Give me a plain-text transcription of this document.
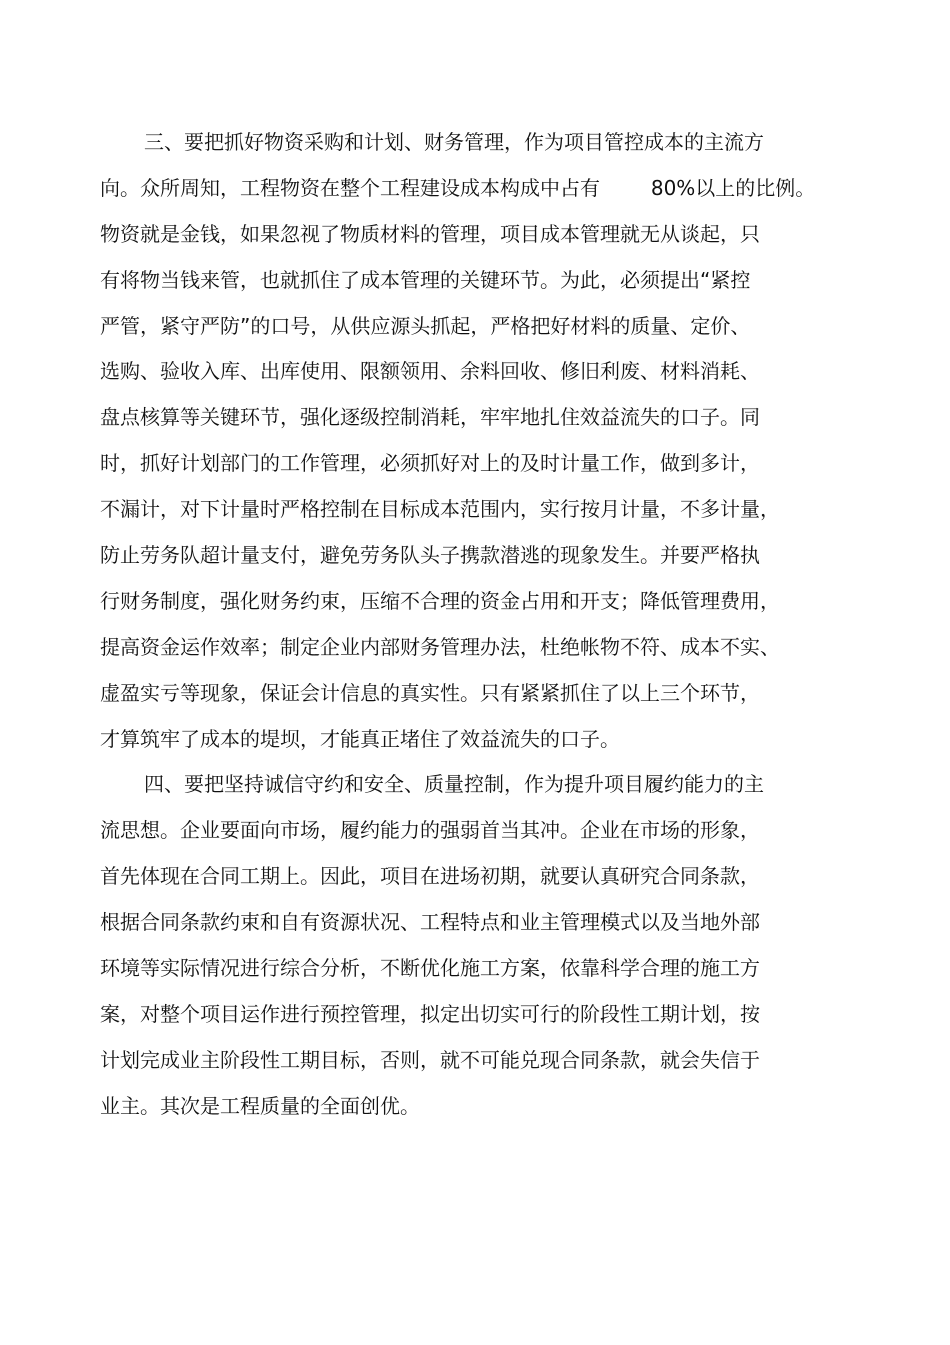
三、要把抓好物资采购和计划、财务管理，作为项目管控成本的主流方
向。众所周知，工程物资在整个工程建设成本构成中占有        80%以上的比例。
物资就是金钱，如果忽视了物质材料的管理，项目成本管理就无从谈起，只
有将物当钱来管，也就抓住了成本管理的关键环节。为此，必须提出“紧控
严管，紧守严防”的口号，从供应源头抓起，严格把好材料的质量、定价、
选购、验收入库、出库使用、限额领用、余料回收、修旧利废、材料消耗、
盘点核算等关键环节，强化逐级控制消耗，牢牢地扎住效益流失的口子。同
时，抓好计划部门的工作管理，必须抓好对上的及时计量工作，做到多计，
不漏计，对下计量时严格控制在目标成本范围内，实行按月计量，不多计量，
防止劳务队超计量支付，避免劳务队头子携款潜逃的现象发生。并要严格执
行财务制度，强化财务约束，压缩不合理的资金占用和开支；降低管理费用，
提高资金运作效率；制定企业内部财务管理办法，杜绝帐物不符、成本不实、
虚盈实亏等现象，保证会计信息的真实性。只有紧紧抓住了以上三个环节，
才算筑牢了成本的堤坝，才能真正堵住了效益流失的口子。
四、要把坚持诚信守约和安全、质量控制，作为提升项目履约能力的主
流思想。企业要面向市场，履约能力的强弱首当其冲。企业在市场的形象，
首先体现在合同工期上。因此，项目在进场初期，就要认真研究合同条款，
根据合同条款约束和自有资源状况、工程特点和业主管理模式以及当地外部
环境等实际情况进行综合分析，不断优化施工方案，依靠科学合理的施工方
案，对整个项目运作进行预控管理，拟定出切实可行的阶段性工期计划，按
计划完成业主阶段性工期目标，否则，就不可能兑现合同条款，就会失信于
业主。其次是工程质量的全面创优。
